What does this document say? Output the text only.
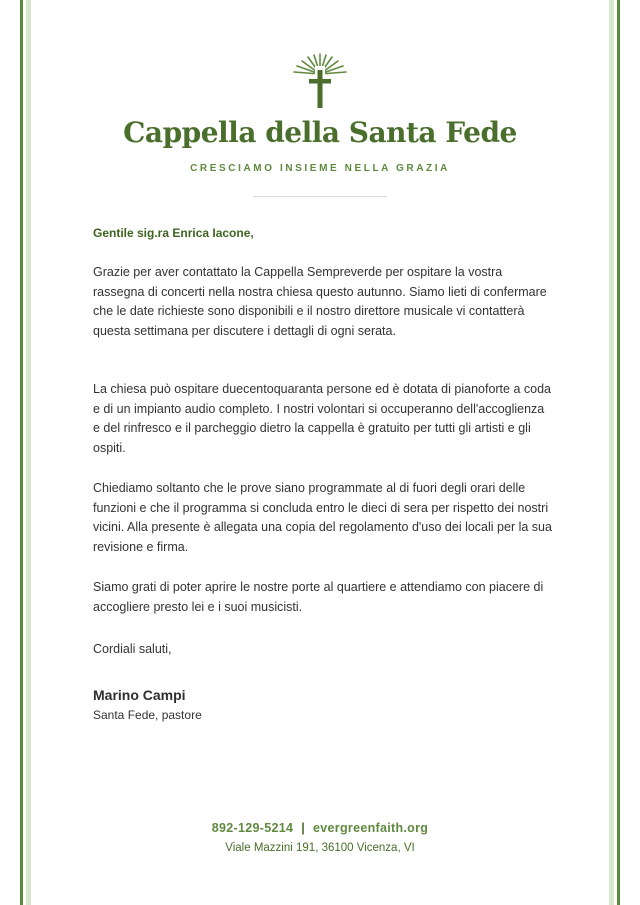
Cappella della Santa Fede
CRESCIAMO INSIEME NELLA GRAZIA
Gentile sig.ra Enrica Iacone,
Grazie per aver contattato la Cappella Sempreverde per ospitare la vostra rassegna di concerti nella nostra chiesa questo autunno. Siamo lieti di confermare che le date richieste sono disponibili e il nostro direttore musicale vi contatterà questa settimana per discutere i dettagli di ogni serata.
La chiesa può ospitare duecentoquaranta persone ed è dotata di pianoforte a coda e di un impianto audio completo. I nostri volontari si occuperanno dell'accoglienza e del rinfresco e il parcheggio dietro la cappella è gratuito per tutti gli artisti e gli ospiti.
Chiediamo soltanto che le prove siano programmate al di fuori degli orari delle funzioni e che il programma si concluda entro le dieci di sera per rispetto dei nostri vicini. Alla presente è allegata una copia del regolamento d'uso dei locali per la sua revisione e firma.
Siamo grati di poter aprire le nostre porte al quartiere e attendiamo con piacere di accogliere presto lei e i suoi musicisti.
Cordiali saluti,
Marino Campi
Santa Fede, pastore
892-129-5214 | evergreenfaith.org
Viale Mazzini 191, 36100 Vicenza, VI
